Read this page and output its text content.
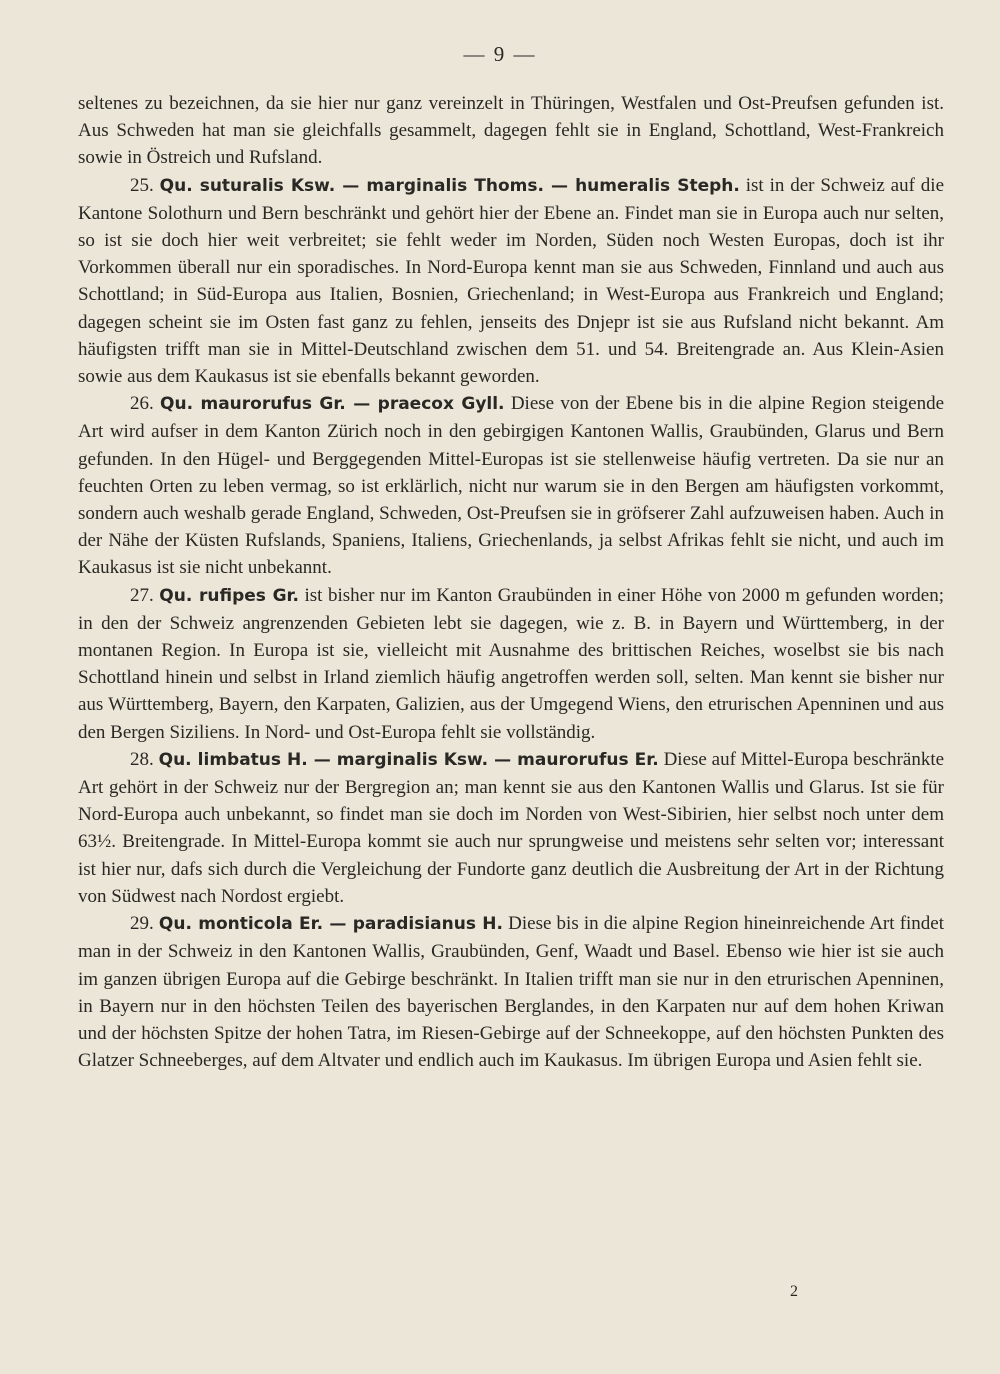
— 9 —

seltenes zu bezeichnen, da sie hier nur ganz vereinzelt in Thüringen, Westfalen und Ost-Preufsen gefunden ist. Aus Schweden hat man sie gleichfalls gesammelt, dagegen fehlt sie in England, Schottland, West-Frankreich sowie in Östreich und Rufsland.

25. Qu. suturalis Ksw. — marginalis Thoms. — humeralis Steph. ist in der Schweiz auf die Kantone Solothurn und Bern beschränkt und gehört hier der Ebene an. Findet man sie in Europa auch nur selten, so ist sie doch hier weit verbreitet; sie fehlt weder im Norden, Süden noch Westen Europas, doch ist ihr Vorkommen überall nur ein sporadisches. In Nord-Europa kennt man sie aus Schweden, Finnland und auch aus Schottland; in Süd-Europa aus Italien, Bosnien, Griechenland; in West-Europa aus Frankreich und England; dagegen scheint sie im Osten fast ganz zu fehlen, jenseits des Dnjepr ist sie aus Rufsland nicht bekannt. Am häufigsten trifft man sie in Mittel-Deutschland zwischen dem 51. und 54. Breitengrade an. Aus Klein-Asien sowie aus dem Kaukasus ist sie ebenfalls bekannt geworden.

26. Qu. maurorufus Gr. — praecox Gyll. Diese von der Ebene bis in die alpine Region steigende Art wird aufser in dem Kanton Zürich noch in den gebirgigen Kantonen Wallis, Graubünden, Glarus und Bern gefunden. In den Hügel- und Berggegenden Mittel-Europas ist sie stellenweise häufig vertreten. Da sie nur an feuchten Orten zu leben vermag, so ist erklärlich, nicht nur warum sie in den Bergen am häufigsten vorkommt, sondern auch weshalb gerade England, Schweden, Ost-Preufsen sie in gröfserer Zahl aufzuweisen haben. Auch in der Nähe der Küsten Rufslands, Spaniens, Italiens, Griechenlands, ja selbst Afrikas fehlt sie nicht, und auch im Kaukasus ist sie nicht unbekannt.

27. Qu. rufipes Gr. ist bisher nur im Kanton Graubünden in einer Höhe von 2000 m gefunden worden; in den der Schweiz angrenzenden Gebieten lebt sie dagegen, wie z. B. in Bayern und Württemberg, in der montanen Region. In Europa ist sie, vielleicht mit Ausnahme des brittischen Reiches, woselbst sie bis nach Schottland hinein und selbst in Irland ziemlich häufig angetroffen werden soll, selten. Man kennt sie bisher nur aus Württemberg, Bayern, den Karpaten, Galizien, aus der Umgegend Wiens, den etrurischen Apenninen und aus den Bergen Siziliens. In Nord- und Ost-Europa fehlt sie vollständig.

28. Qu. limbatus H. — marginalis Ksw. — maurorufus Er. Diese auf Mittel-Europa beschränkte Art gehört in der Schweiz nur der Bergregion an; man kennt sie aus den Kantonen Wallis und Glarus. Ist sie für Nord-Europa auch unbekannt, so findet man sie doch im Norden von West-Sibirien, hier selbst noch unter dem 63½. Breitengrade. In Mittel-Europa kommt sie auch nur sprungweise und meistens sehr selten vor; interessant ist hier nur, dafs sich durch die Vergleichung der Fundorte ganz deutlich die Ausbreitung der Art in der Richtung von Südwest nach Nordost ergiebt.

29. Qu. monticola Er. — paradisianus H. Diese bis in die alpine Region hineinreichende Art findet man in der Schweiz in den Kantonen Wallis, Graubünden, Genf, Waadt und Basel. Ebenso wie hier ist sie auch im ganzen übrigen Europa auf die Gebirge beschränkt. In Italien trifft man sie nur in den etrurischen Apenninen, in Bayern nur in den höchsten Teilen des bayerischen Berglandes, in den Karpaten nur auf dem hohen Kriwan und der höchsten Spitze der hohen Tatra, im Riesen-Gebirge auf der Schneekoppe, auf den höchsten Punkten des Glatzer Schneeberges, auf dem Altvater und endlich auch im Kaukasus. Im übrigen Europa und Asien fehlt sie.

2
